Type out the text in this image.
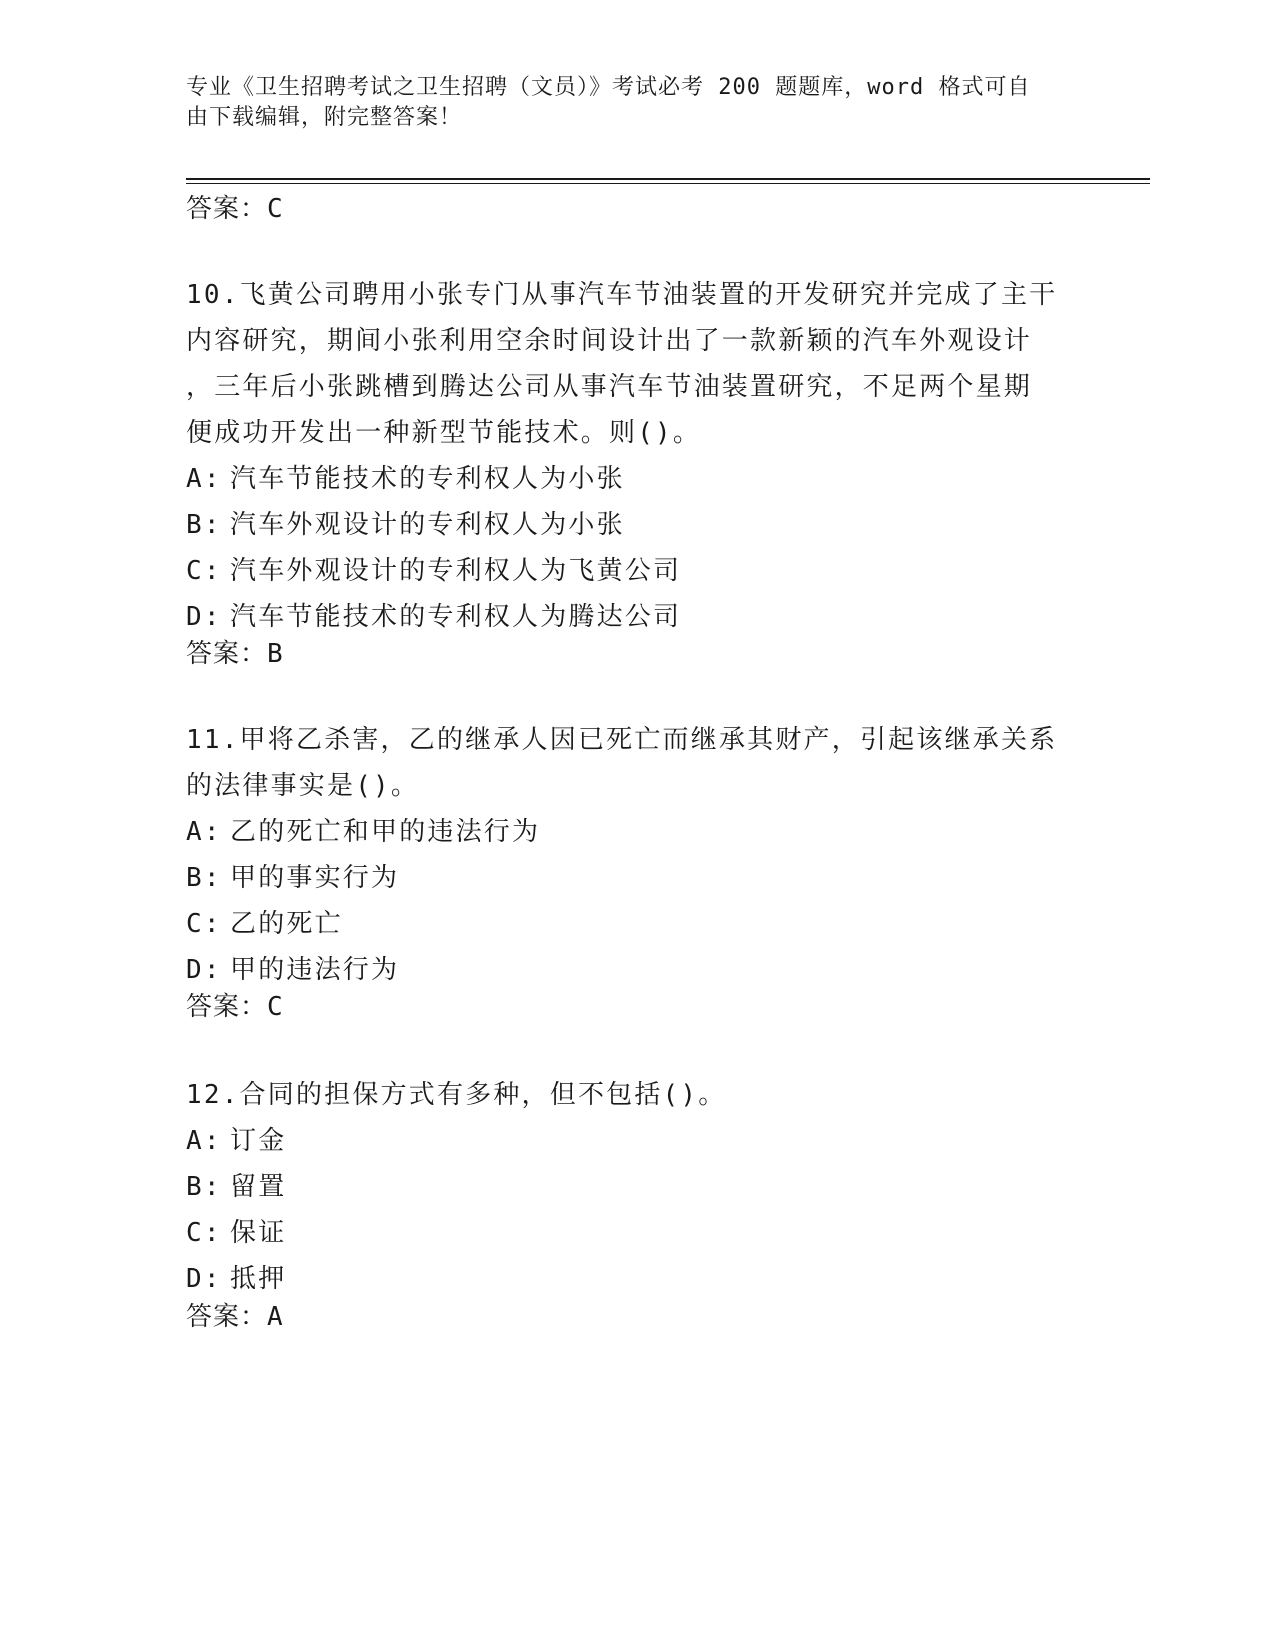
专业《卫生招聘考试之卫生招聘（文员）》考试必考 200 题题库，word 格式可自
由下载编辑，附完整答案！
答案：C
10.飞黄公司聘用小张专门从事汽车节油装置的开发研究并完成了主干
内容研究，期间小张利用空余时间设计出了一款新颖的汽车外观设计
，三年后小张跳槽到腾达公司从事汽车节油装置研究，不足两个星期
便成功开发出一种新型节能技术。则()。
A: 汽车节能技术的专利权人为小张
B: 汽车外观设计的专利权人为小张
C: 汽车外观设计的专利权人为飞黄公司
D: 汽车节能技术的专利权人为腾达公司
答案：B
11.甲将乙杀害，乙的继承人因已死亡而继承其财产，引起该继承关系
的法律事实是()。
A: 乙的死亡和甲的违法行为
B: 甲的事实行为
C: 乙的死亡
D: 甲的违法行为
答案：C
12.合同的担保方式有多种，但不包括()。
A: 订金
B: 留置
C: 保证
D: 抵押
答案：A
